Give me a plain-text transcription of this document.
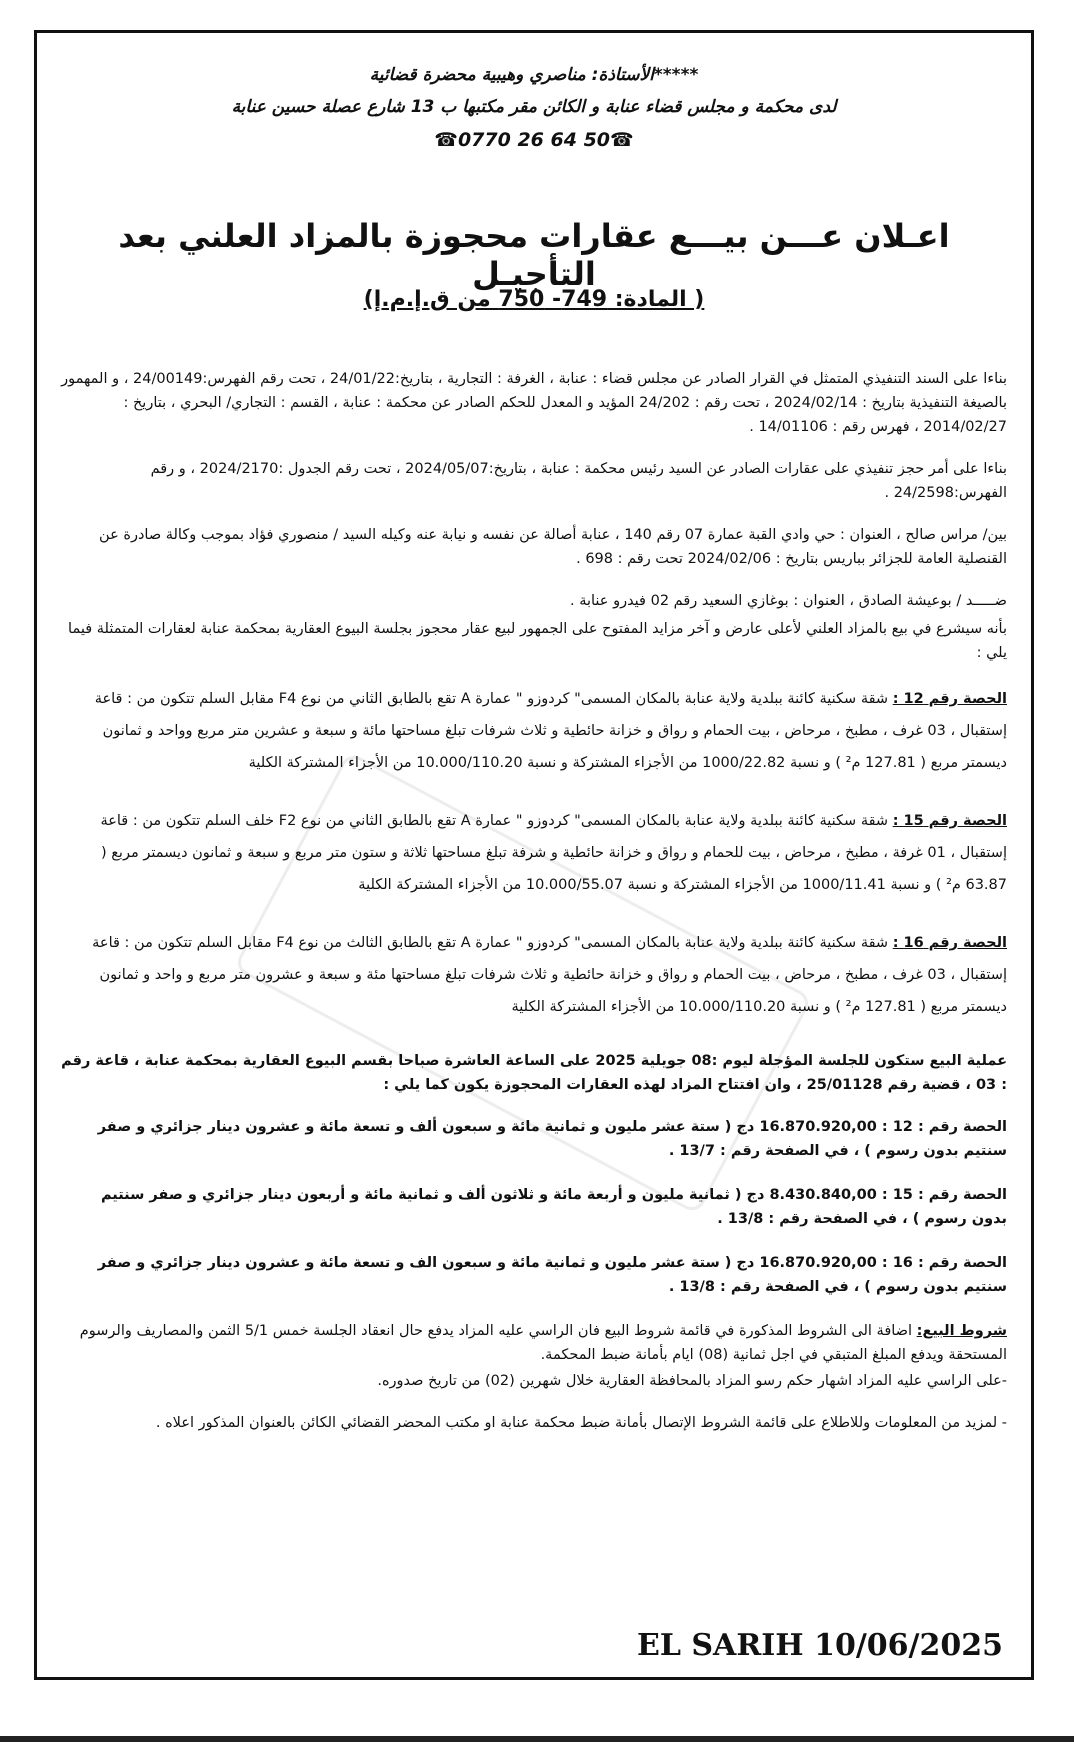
*****الأستاذة: مناصري وهيبية محضرة قضائية
لدى محكمة و مجلس قضاء عنابة و الكائن مقر مكتبها ب 13 شارع عصلة حسين عنابة
☎0770 26 64 50☎
اعـلان عـــن بيـــع عقارات محجوزة بالمزاد العلني بعد التأجيـل
( المادة: 749- 750 من ق.إ.م.إ)

بناءا على السند التنفيذي المتمثل في القرار الصادر عن مجلس قضاء : عنابة ، الغرفة : التجارية ، بتاريخ:24/01/22 ، تحت رقم الفهرس:24/00149 ، و المهمور بالصيغة التنفيذية بتاريخ : 2024/02/14 ، تحت رقم : 24/202 المؤيد و المعدل للحكم الصادر عن محكمة : عنابة ، القسم : التجاري/ البحري ، بتاريخ : 2014/02/27 ، فهرس رقم : 14/01106 .

بناءا على أمر حجز تنفيذي على عقارات الصادر عن السيد رئيس محكمة : عنابة ، بتاريخ:2024/05/07 ، تحت رقم الجدول :2024/2170 ، و رقم الفهرس:24/2598 .

بين/ مراس صالح ، العنوان : حي وادي القبة عمارة 07 رقم 140 ، عنابة أصالة عن نفسه و نيابة عنه وكيله السيد / منصوري فؤاد بموجب وكالة صادرة عن القنصلية العامة للجزائر بباريس بتاريخ : 2024/02/06 تحت رقم : 698 .

ضـــــد / بوعيشة الصادق ، العنوان : بوغازي السعيد رقم 02 فيدرو عنابة .

بأنه سيشرع في بيع بالمزاد العلني لأعلى عارض و آخر مزايد المفتوح على الجمهور لبيع عقار محجوز بجلسة البيوع العقارية بمحكمة عنابة لعقارات المتمثلة فيما يلي :

الحصة رقم 12 : شقة سكنية كائنة ببلدية ولاية عنابة بالمكان المسمى" كردوزو " عمارة A تقع بالطابق الثاني من نوع F4 مقابل السلم تتكون من : قاعة إستقبال ، 03 غرف ، مطبخ ، مرحاض ، بيت الحمام و رواق و خزانة حائطية و ثلاث شرفات تبلغ مساحتها مائة و سبعة و عشرين متر مربع وواحد و ثمانون ديسمتر مربع ( 127.81 م² ) و نسبة 1000/22.82 من الأجزاء المشتركة و نسبة 10.000/110.20 من الأجزاء المشتركة الكلية

الحصة رقم 15 : شقة سكنية كائنة ببلدية ولاية عنابة بالمكان المسمى" كردوزو " عمارة A تقع بالطابق الثاني من نوع F2 خلف السلم تتكون من : قاعة إستقبال ، 01 غرفة ، مطبخ ، مرحاض ، بيت للحمام و رواق و خزانة حائطية و شرفة تبلغ مساحتها ثلاثة و ستون متر مربع و سبعة و ثمانون ديسمتر مربع ( 63.87 م² ) و نسبة 1000/11.41 من الأجزاء المشتركة و نسبة 10.000/55.07 من الأجزاء المشتركة الكلية

الحصة رقم 16 : شقة سكنية كائنة ببلدية ولاية عنابة بالمكان المسمى" كردوزو " عمارة A تقع بالطابق الثالث من نوع F4 مقابل السلم تتكون من : قاعة إستقبال ، 03 غرف ، مطبخ ، مرحاض ، بيت الحمام و رواق و خزانة حائطية و ثلاث شرفات تبلغ مساحتها مئة و سبعة و عشرون متر مربع و واحد و ثمانون ديسمتر مربع ( 127.81 م² ) و نسبة 10.000/110.20 من الأجزاء المشتركة الكلية

عملية البيع ستكون للجلسة المؤجلة ليوم :08 جويلية 2025 على الساعة العاشرة صباحا بقسم البيوع العقارية بمحكمة عنابة ، قاعة رقم : 03 ، قضية رقم 25/01128 ، وان افتتاح المزاد لهذه العقارات المحجوزة يكون كما يلي :

الحصة رقم : 12 : 16.870.920,00 دج ( ستة عشر مليون و ثمانية مائة و سبعون ألف و تسعة مائة و عشرون دينار جزائري و صفر سنتيم بدون رسوم ) ، في الصفحة رقم : 13/7 .

الحصة رقم : 15 : 8.430.840,00 دج ( ثمانية مليون و أربعة مائة و ثلاثون ألف و ثمانية مائة و أربعون دينار جزائري و صفر سنتيم بدون رسوم ) ، في الصفحة رقم : 13/8 .

الحصة رقم : 16 : 16.870.920,00 دج ( ستة عشر مليون و ثمانية مائة و سبعون الف و تسعة مائة و عشرون دينار جزائري و صفر سنتيم بدون رسوم ) ، في الصفحة رقم : 13/8 .

شروط البيع: اضافة الى الشروط المذكورة في قائمة شروط البيع فان الراسي عليه المزاد يدفع حال انعقاد الجلسة خمس 5/1 الثمن والمصاريف والرسوم المستحقة ويدفع المبلغ المتبقي في اجل ثمانية (08) ايام بأمانة ضبط المحكمة.

-على الراسي عليه المزاد اشهار حكم رسو المزاد بالمحافظة العقارية خلال شهرين (02) من تاريخ صدوره.

- لمزيد من المعلومات وللاطلاع على قائمة الشروط الإتصال بأمانة ضبط محكمة عنابة او مكتب المحضر القضائي الكائن بالعنوان المذكور اعلاه .

EL SARIH 10/06/2025
